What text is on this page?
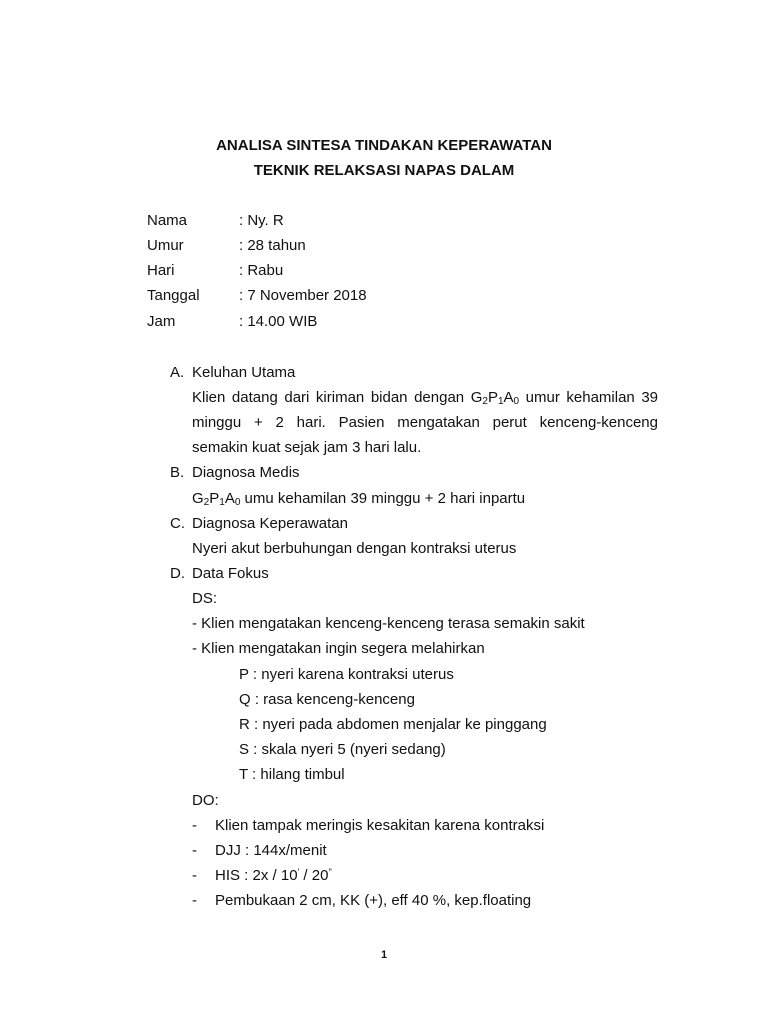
ANALISA SINTESA TINDAKAN KEPERAWATAN
TEKNIK RELAKSASI NAPAS DALAM
Nama	: Ny. R
Umur	: 28 tahun
Hari	: Rabu
Tanggal	: 7 November 2018
Jam	: 14.00 WIB
A. Keluhan Utama
Klien datang dari kiriman bidan dengan $G_2P_1A_0$ umur kehamilan 39
minggu + 2 hari. Pasien mengatakan perut kenceng-kenceng
semakin kuat sejak jam 3 hari lalu.
B. Diagnosa Medis
$G_2P_1A_0$ umu kehamilan 39 minggu + 2 hari inpartu
C. Diagnosa Keperawatan
Nyeri akut berbuhungan dengan kontraksi uterus
D. Data Fokus
DS:
- Klien mengatakan kenceng-kenceng terasa semakin sakit
- Klien mengatakan ingin segera melahirkan
P : nyeri karena kontraksi uterus
Q : rasa kenceng-kenceng
R : nyeri pada abdomen menjalar ke pinggang
S : skala nyeri 5 (nyeri sedang)
T : hilang timbul
DO:
- Klien tampak meringis kesakitan karena kontraksi
- DJJ : 144x/menit
- HIS : 2x / 10' / 20''
- Pembukaan 2 cm, KK (+), eff 40 %, kep.floating
1
